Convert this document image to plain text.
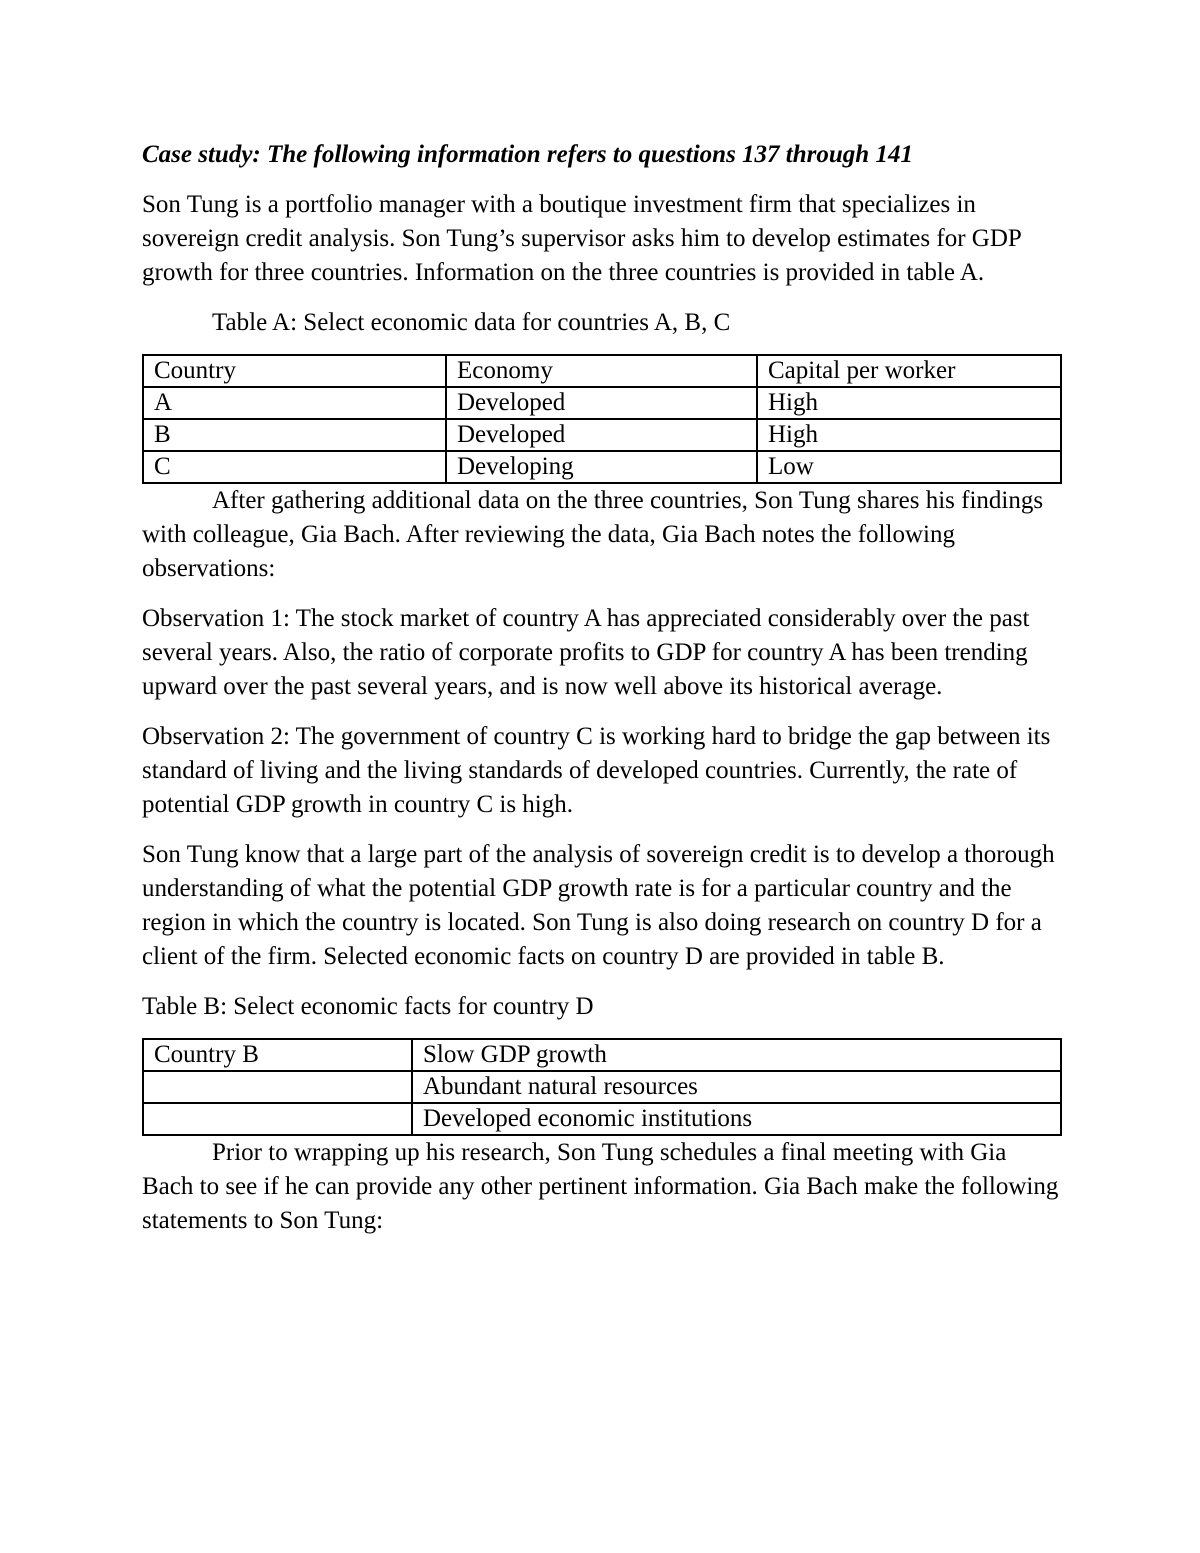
Case study: The following information refers to questions 137 through 141

Son Tung is a portfolio manager with a boutique investment firm that specializes in sovereign credit analysis. Son Tung’s supervisor asks him to develop estimates for GDP growth for three countries. Information on the three countries is provided in table A.

Table A: Select economic data for countries A, B, C

Country	Economy	Capital per worker
A	Developed	High
B	Developed	High
C	Developing	Low

After gathering additional data on the three countries, Son Tung shares his findings with colleague, Gia Bach. After reviewing the data, Gia Bach notes the following observations:

Observation 1: The stock market of country A has appreciated considerably over the past several years. Also, the ratio of corporate profits to GDP for country A has been trending upward over the past several years, and is now well above its historical average.

Observation 2: The government of country C is working hard to bridge the gap between its standard of living and the living standards of developed countries. Currently, the rate of potential GDP growth in country C is high.

Son Tung know that a large part of the analysis of sovereign credit is to develop a thorough understanding of what the potential GDP growth rate is for a particular country and the region in which the country is located. Son Tung is also doing research on country D for a client of the firm. Selected economic facts on country D are provided in table B.

Table B: Select economic facts for country D

Country B	Slow GDP growth
	Abundant natural resources
	Developed economic institutions

Prior to wrapping up his research, Son Tung schedules a final meeting with Gia Bach to see if he can provide any other pertinent information. Gia Bach make the following statements to Son Tung:
